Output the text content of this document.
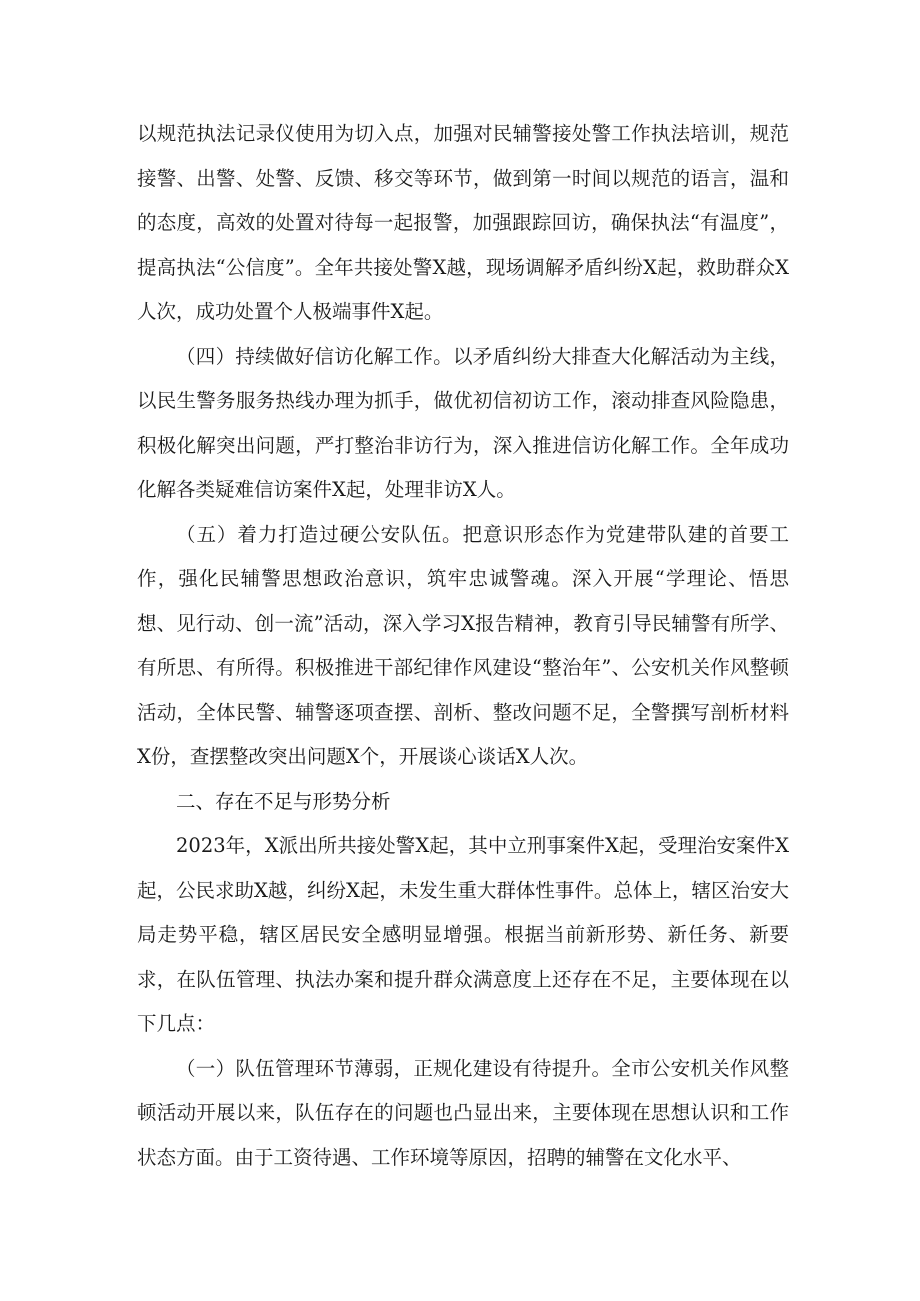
以规范执法记录仪使用为切入点，加强对民辅警接处警工作执法培训，规范接警、出警、处警、反馈、移交等环节，做到第一时间以规范的语言，温和的态度，高效的处置对待每一起报警，加强跟踪回访，确保执法“有温度”，提高执法“公信度”。全年共接处警X越，现场调解矛盾纠纷X起，救助群众X人次，成功处置个人极端事件X起。

（四）持续做好信访化解工作。以矛盾纠纷大排查大化解活动为主线，以民生警务服务热线办理为抓手，做优初信初访工作，滚动排查风险隐患，积极化解突出问题，严打整治非访行为，深入推进信访化解工作。全年成功化解各类疑难信访案件X起，处理非访X人。

（五）着力打造过硬公安队伍。把意识形态作为党建带队建的首要工作，强化民辅警思想政治意识，筑牢忠诚警魂。深入开展“学理论、悟思想、见行动、创一流”活动，深入学习X报告精神，教育引导民辅警有所学、有所思、有所得。积极推进干部纪律作风建设“整治年”、公安机关作风整顿活动，全体民警、辅警逐项查摆、剖析、整改问题不足，全警撰写剖析材料X份，查摆整改突出问题X个，开展谈心谈话X人次。

二、存在不足与形势分析

2023年，X派出所共接处警X起，其中立刑事案件X起，受理治安案件X起，公民求助X越，纠纷X起，未发生重大群体性事件。总体上，辖区治安大局走势平稳，辖区居民安全感明显增强。根据当前新形势、新任务、新要求，在队伍管理、执法办案和提升群众满意度上还存在不足，主要体现在以下几点：

（一）队伍管理环节薄弱，正规化建设有待提升。全市公安机关作风整顿活动开展以来，队伍存在的问题也凸显出来，主要体现在思想认识和工作状态方面。由于工资待遇、工作环境等原因，招聘的辅警在文化水平、
